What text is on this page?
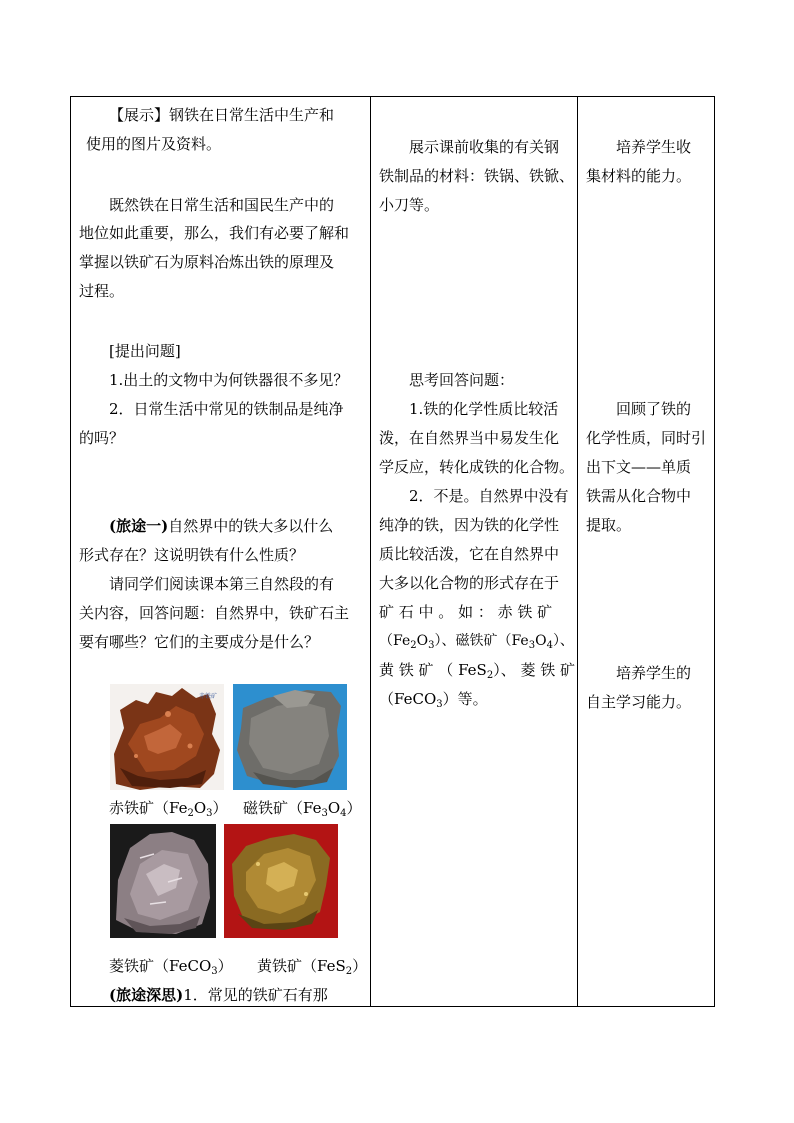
【展示】钢铁在日常生活中生产和
使用的图片及资料。
既然铁在日常生活和国民生产中的
地位如此重要，那么，我们有必要了解和
掌握以铁矿石为原料冶炼出铁的原理及
过程。
[提出问题]
1.出土的文物中为何铁器很不多见？
2．日常生活中常见的铁制品是纯净
的吗？
(旅途一)自然界中的铁大多以什么
形式存在？这说明铁有什么性质？
请同学们阅读课本第三自然段的有
关内容，回答问题：自然界中，铁矿石主
要有哪些？它们的主要成分是什么？
赤铁矿
赤铁矿$(Fe_2O_3)$ 磁铁矿$(Fe_3O_4)$
菱铁矿（FeCO$_3$） 黄铁矿（FeS$_2$）
(旅途深思)1．常见的铁矿石有那

展示课前收集的有关钢
铁制品的材料：铁锅、铁锨、
小刀等。
思考回答问题：
1.铁的化学性质比较活
泼，在自然界当中易发生化
学反应，转化成铁的化合物。
2．不是。自然界中没有
纯净的铁，因为铁的化学性
质比较活泼，它在自然界中
大多以化合物的形式存在于
矿 石 中 。 如 ： 赤 铁 矿
$(Fe_2O_3)$、磁铁矿$(Fe_3O_4)$、
黄 铁 矿 （ FeS$_2$）、 菱 铁 矿
（FeCO$_3$）等。

培养学生收
集材料的能力。
回顾了铁的
化学性质，同时引
出下文——单质
铁需从化合物中
提取。
培养学生的
自主学习能力。
